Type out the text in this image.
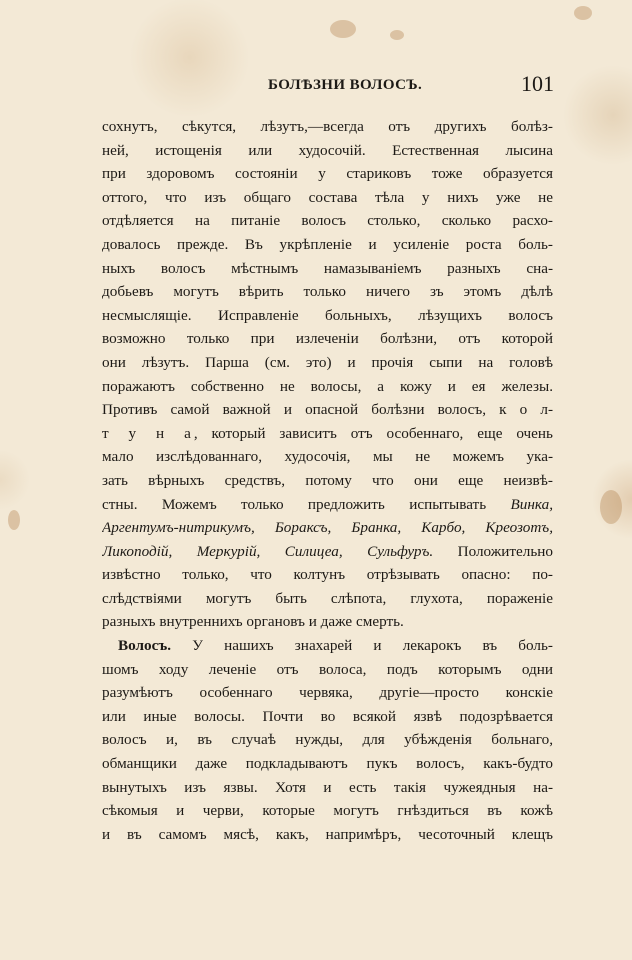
БОЛѢЗНИ ВОЛОСЪ.	101
сохнутъ, сѣкутся, лѣзутъ,—всегда отъ другихъ болѣз-
ней, истощенія или худосочій. Естественная лысина
при здоровомъ состояніи у стариковъ тоже образуется
оттого, что изъ общаго состава тѣла у нихъ уже не
отдѣляется на питаніе волосъ столько, сколько расхо-
довалось прежде. Въ укрѣпленіе и усиленіе роста боль-
ныхъ волосъ мѣстнымъ намазываніемъ разныхъ сна-
добьевъ могутъ вѣрить только ничего зъ этомъ дѣлѣ
несмыслящіе. Исправленіе больныхъ, лѣзущихъ волосъ
возможно только при излеченіи болѣзни, отъ которой
они лѣзутъ. Парша (см. это) и прочія сыпи на головѣ
поражаютъ собственно не волосы, а кожу и ея железы.
Противъ самой важной и опасной болѣзни волосъ, к о л-
т у н а, который зависитъ отъ особеннаго, еще очень
мало изслѣдованнаго, худосочія, мы не можемъ ука-
зать вѣрныхъ средствъ, потому что они еще неизвѣ-
стны. Можемъ только предложить испытывать Винка,
Аргентумъ-нитрикумъ, Бораксъ, Бранка, Карбо, Креозотъ,
Ликоподій, Меркурій, Силицеа, Сульфуръ. Положительно
извѣстно только, что колтунъ отрѣзывать опасно: по-
слѣдствіями могутъ быть слѣпота, глухота, пораженіе
разныхъ внутреннихъ органовъ и даже смерть.
Волосъ. У нашихъ знахарей и лекарокъ въ боль-
шомъ ходу леченіе отъ волоса, подъ которымъ одни
разумѣютъ особеннаго червяка, другіе—просто конскіе
или иные волосы. Почти во всякой язвѣ подозрѣвается
волосъ и, въ случаѣ нужды, для убѣжденія больнаго,
обманщики даже подкладываютъ пукъ волосъ, какъ-будто
вынутыхъ изъ язвы. Хотя и есть такія чужеядныя на-
сѣкомыя и черви, которые могутъ гнѣздиться въ кожѣ
и въ самомъ мясѣ, какъ, напримѣръ, чесоточный клещъ
